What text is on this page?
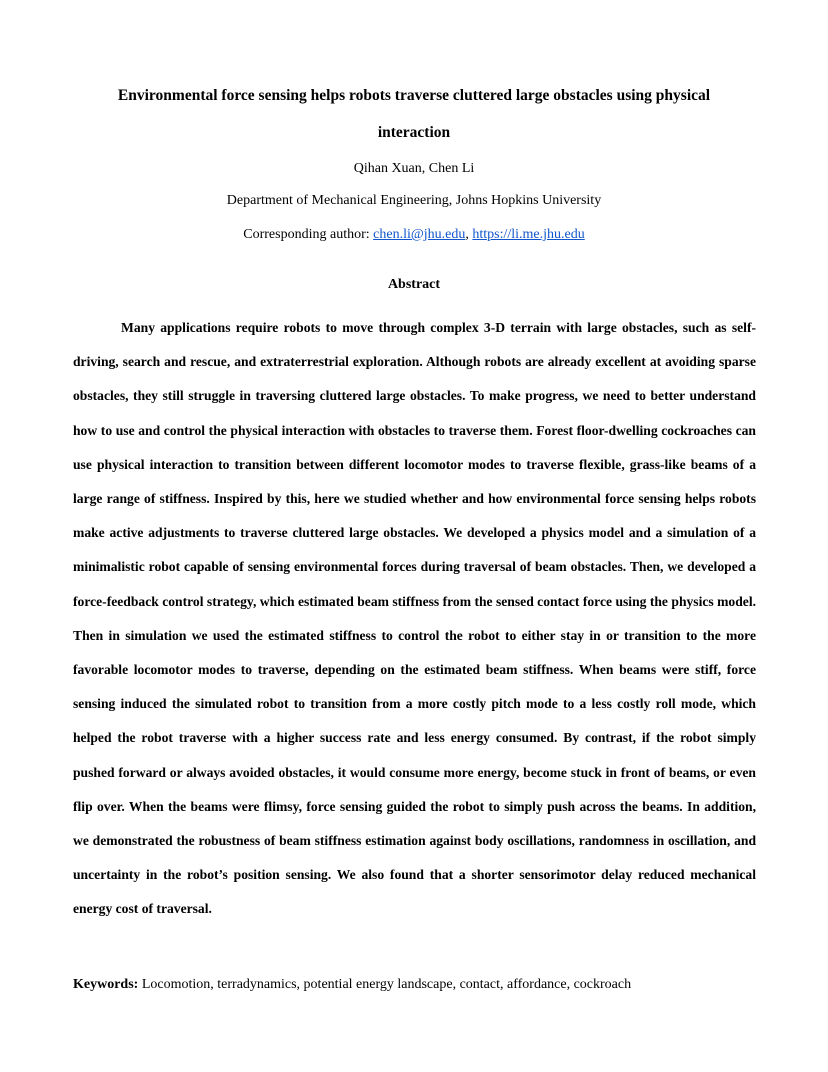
Environmental force sensing helps robots traverse cluttered large obstacles using physical
interaction
Qihan Xuan, Chen Li
Department of Mechanical Engineering, Johns Hopkins University
Corresponding author: chen.li@jhu.edu, https://li.me.jhu.edu
Abstract

Many applications require robots to move through complex 3-D terrain with large obstacles, such as self-driving, search and rescue, and extraterrestrial exploration. Although robots are already excellent at avoiding sparse obstacles, they still struggle in traversing cluttered large obstacles. To make progress, we need to better understand how to use and control the physical interaction with obstacles to traverse them. Forest floor-dwelling cockroaches can use physical interaction to transition between different locomotor modes to traverse flexible, grass-like beams of a large range of stiffness. Inspired by this, here we studied whether and how environmental force sensing helps robots make active adjustments to traverse cluttered large obstacles. We developed a physics model and a simulation of a minimalistic robot capable of sensing environmental forces during traversal of beam obstacles. Then, we developed a force-feedback control strategy, which estimated beam stiffness from the sensed contact force using the physics model. Then in simulation we used the estimated stiffness to control the robot to either stay in or transition to the more favorable locomotor modes to traverse, depending on the estimated beam stiffness. When beams were stiff, force sensing induced the simulated robot to transition from a more costly pitch mode to a less costly roll mode, which helped the robot traverse with a higher success rate and less energy consumed. By contrast, if the robot simply pushed forward or always avoided obstacles, it would consume more energy, become stuck in front of beams, or even flip over. When the beams were flimsy, force sensing guided the robot to simply push across the beams. In addition, we demonstrated the robustness of beam stiffness estimation against body oscillations, randomness in oscillation, and uncertainty in the robot’s position sensing. We also found that a shorter sensorimotor delay reduced mechanical energy cost of traversal.

Keywords: Locomotion, terradynamics, potential energy landscape, contact, affordance, cockroach
